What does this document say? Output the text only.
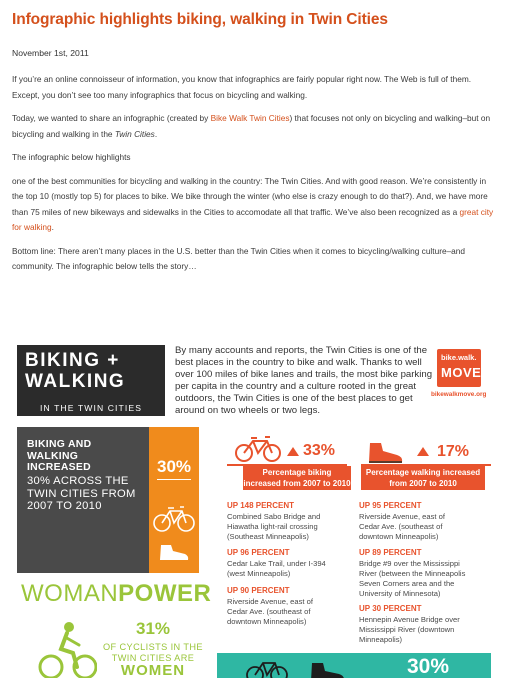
Infographic highlights biking, walking in Twin Cities
November 1st, 2011

If you’re an online connoisseur of information, you know that infographics are fairly popular right now. The Web is full of them. Except, you don’t see too many infographics that focus on bicycling and walking.

Today, we wanted to share an infographic (created by Bike Walk Twin Cities) that focuses not only on bicycling and walking–but on bicycling and walking in the Twin Cities.

The infographic below highlights

one of the best communities for bicycling and walking in the country: The Twin Cities. And with good reason. We’re consistently in the top 10 (mostly top 5) for places to bike. We bike through the winter (who else is crazy enough to do that?). And, we have more than 75 miles of new bikeways and sidewalks in the Cities to accomodate all that traffic. We’ve also been recognized as a great city for walking.

Bottom line: There aren’t many places in the U.S. better than the Twin Cities when it comes to bicycling/walking culture–and community. The infographic below tells the story…

BIKING +
WALKING
IN THE TWIN CITIES
By many accounts and reports, the Twin Cities is one of the best places in the country to bike and walk. Thanks to well over 100 miles of bike lanes and trails, the most bike parking per capita in the country and a culture rooted in the great outdoors, the Twin Cities is one of the best places to get around on two wheels or two legs.
bike.walk.
MOVE
bikewalkmove.org
BIKING AND WALKING INCREASED
30% ACROSS THE TWIN CITIES FROM 2007 TO 2010
30%
33%
Percentage biking increased from 2007 to 2010
17%
Percentage walking increased from 2007 to 2010
UP 148 PERCENT
Combined Sabo Bridge and
Hiawatha light-rail crossing
(Southeast Minneapolis)
UP 96 PERCENT
Cedar Lake Trail, under I-394
(west Minneapolis)
UP 90 PERCENT
Riverside Avenue, east of
Cedar Ave. (southeast of
downtown Minneapolis)
UP 95 PERCENT
Riverside Avenue, east of
Cedar Ave. (southeast of
downtown Minneapolis)
UP 89 PERCENT
Bridge #9 over the Mississippi
River (between the Minneapolis
Seven Corners area and the
University of Minnesota)
UP 30 PERCENT
Hennepin Avenue Bridge over
Mississippi River (downtown
Minneapolis)
WOMANPOWER
31%
OF CYCLISTS IN THE TWIN CITIES ARE
WOMEN	30%
